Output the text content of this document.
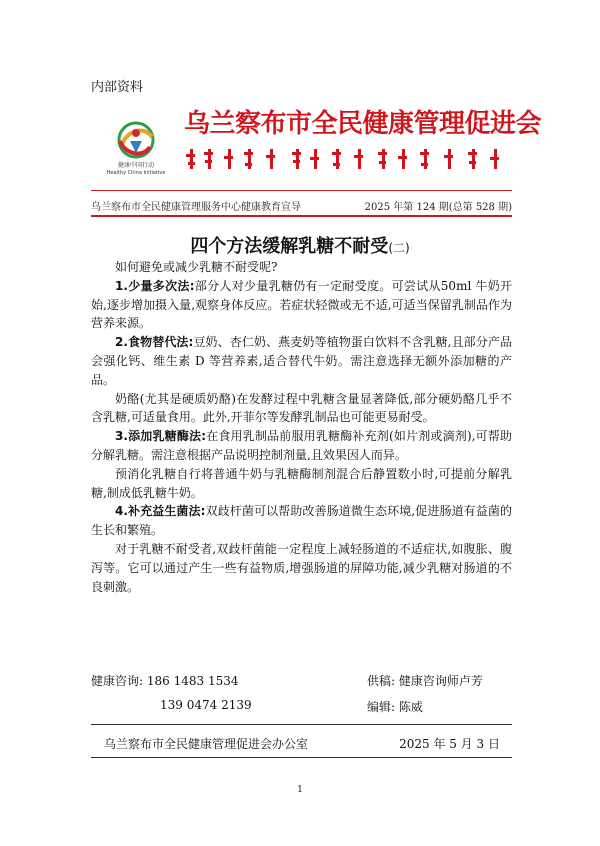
内部资料
健康中国行动
Healthy China Initiative
乌兰察布市全民健康管理促进会
乌兰察布市全民健康管理服务中心健康教育宣导	2025 年第 124 期(总第 528 期)
四个方法缓解乳糖不耐受(二)

如何避免或减少乳糖不耐受呢?

1.少量多次法:部分人对少量乳糖仍有一定耐受度。可尝试从50ml 牛奶开始,逐步增加摄入量,观察身体反应。若症状轻微或无不适,可适当保留乳制品作为营养来源。

2.食物替代法:豆奶、杏仁奶、燕麦奶等植物蛋白饮料不含乳糖,且部分产品会强化钙、维生素 D 等营养素,适合替代牛奶。需注意选择无额外添加糖的产品。

奶酪(尤其是硬质奶酪)在发酵过程中乳糖含量显著降低,部分硬奶酪几乎不含乳糖,可适量食用。此外,开菲尔等发酵乳制品也可能更易耐受。

3.添加乳糖酶法:在食用乳制品前服用乳糖酶补充剂(如片剂或滴剂),可帮助分解乳糖。需注意根据产品说明控制剂量,且效果因人而异。

预消化乳糖自行将普通牛奶与乳糖酶制剂混合后静置数小时,可提前分解乳糖,制成低乳糖牛奶。

4.补充益生菌法:双歧杆菌可以帮助改善肠道微生态环境,促进肠道有益菌的生长和繁殖。

对于乳糖不耐受者,双歧杆菌能一定程度上减轻肠道的不适症状,如腹胀、腹泻等。它可以通过产生一些有益物质,增强肠道的屏障功能,减少乳糖对肠道的不良刺激。

健康咨询: 186 1483 1534
139 0474 2139
供稿: 健康咨询师卢芳
编辑: 陈威
乌兰察布市全民健康管理促进会办公室	2025 年 5 月 3 日
1
